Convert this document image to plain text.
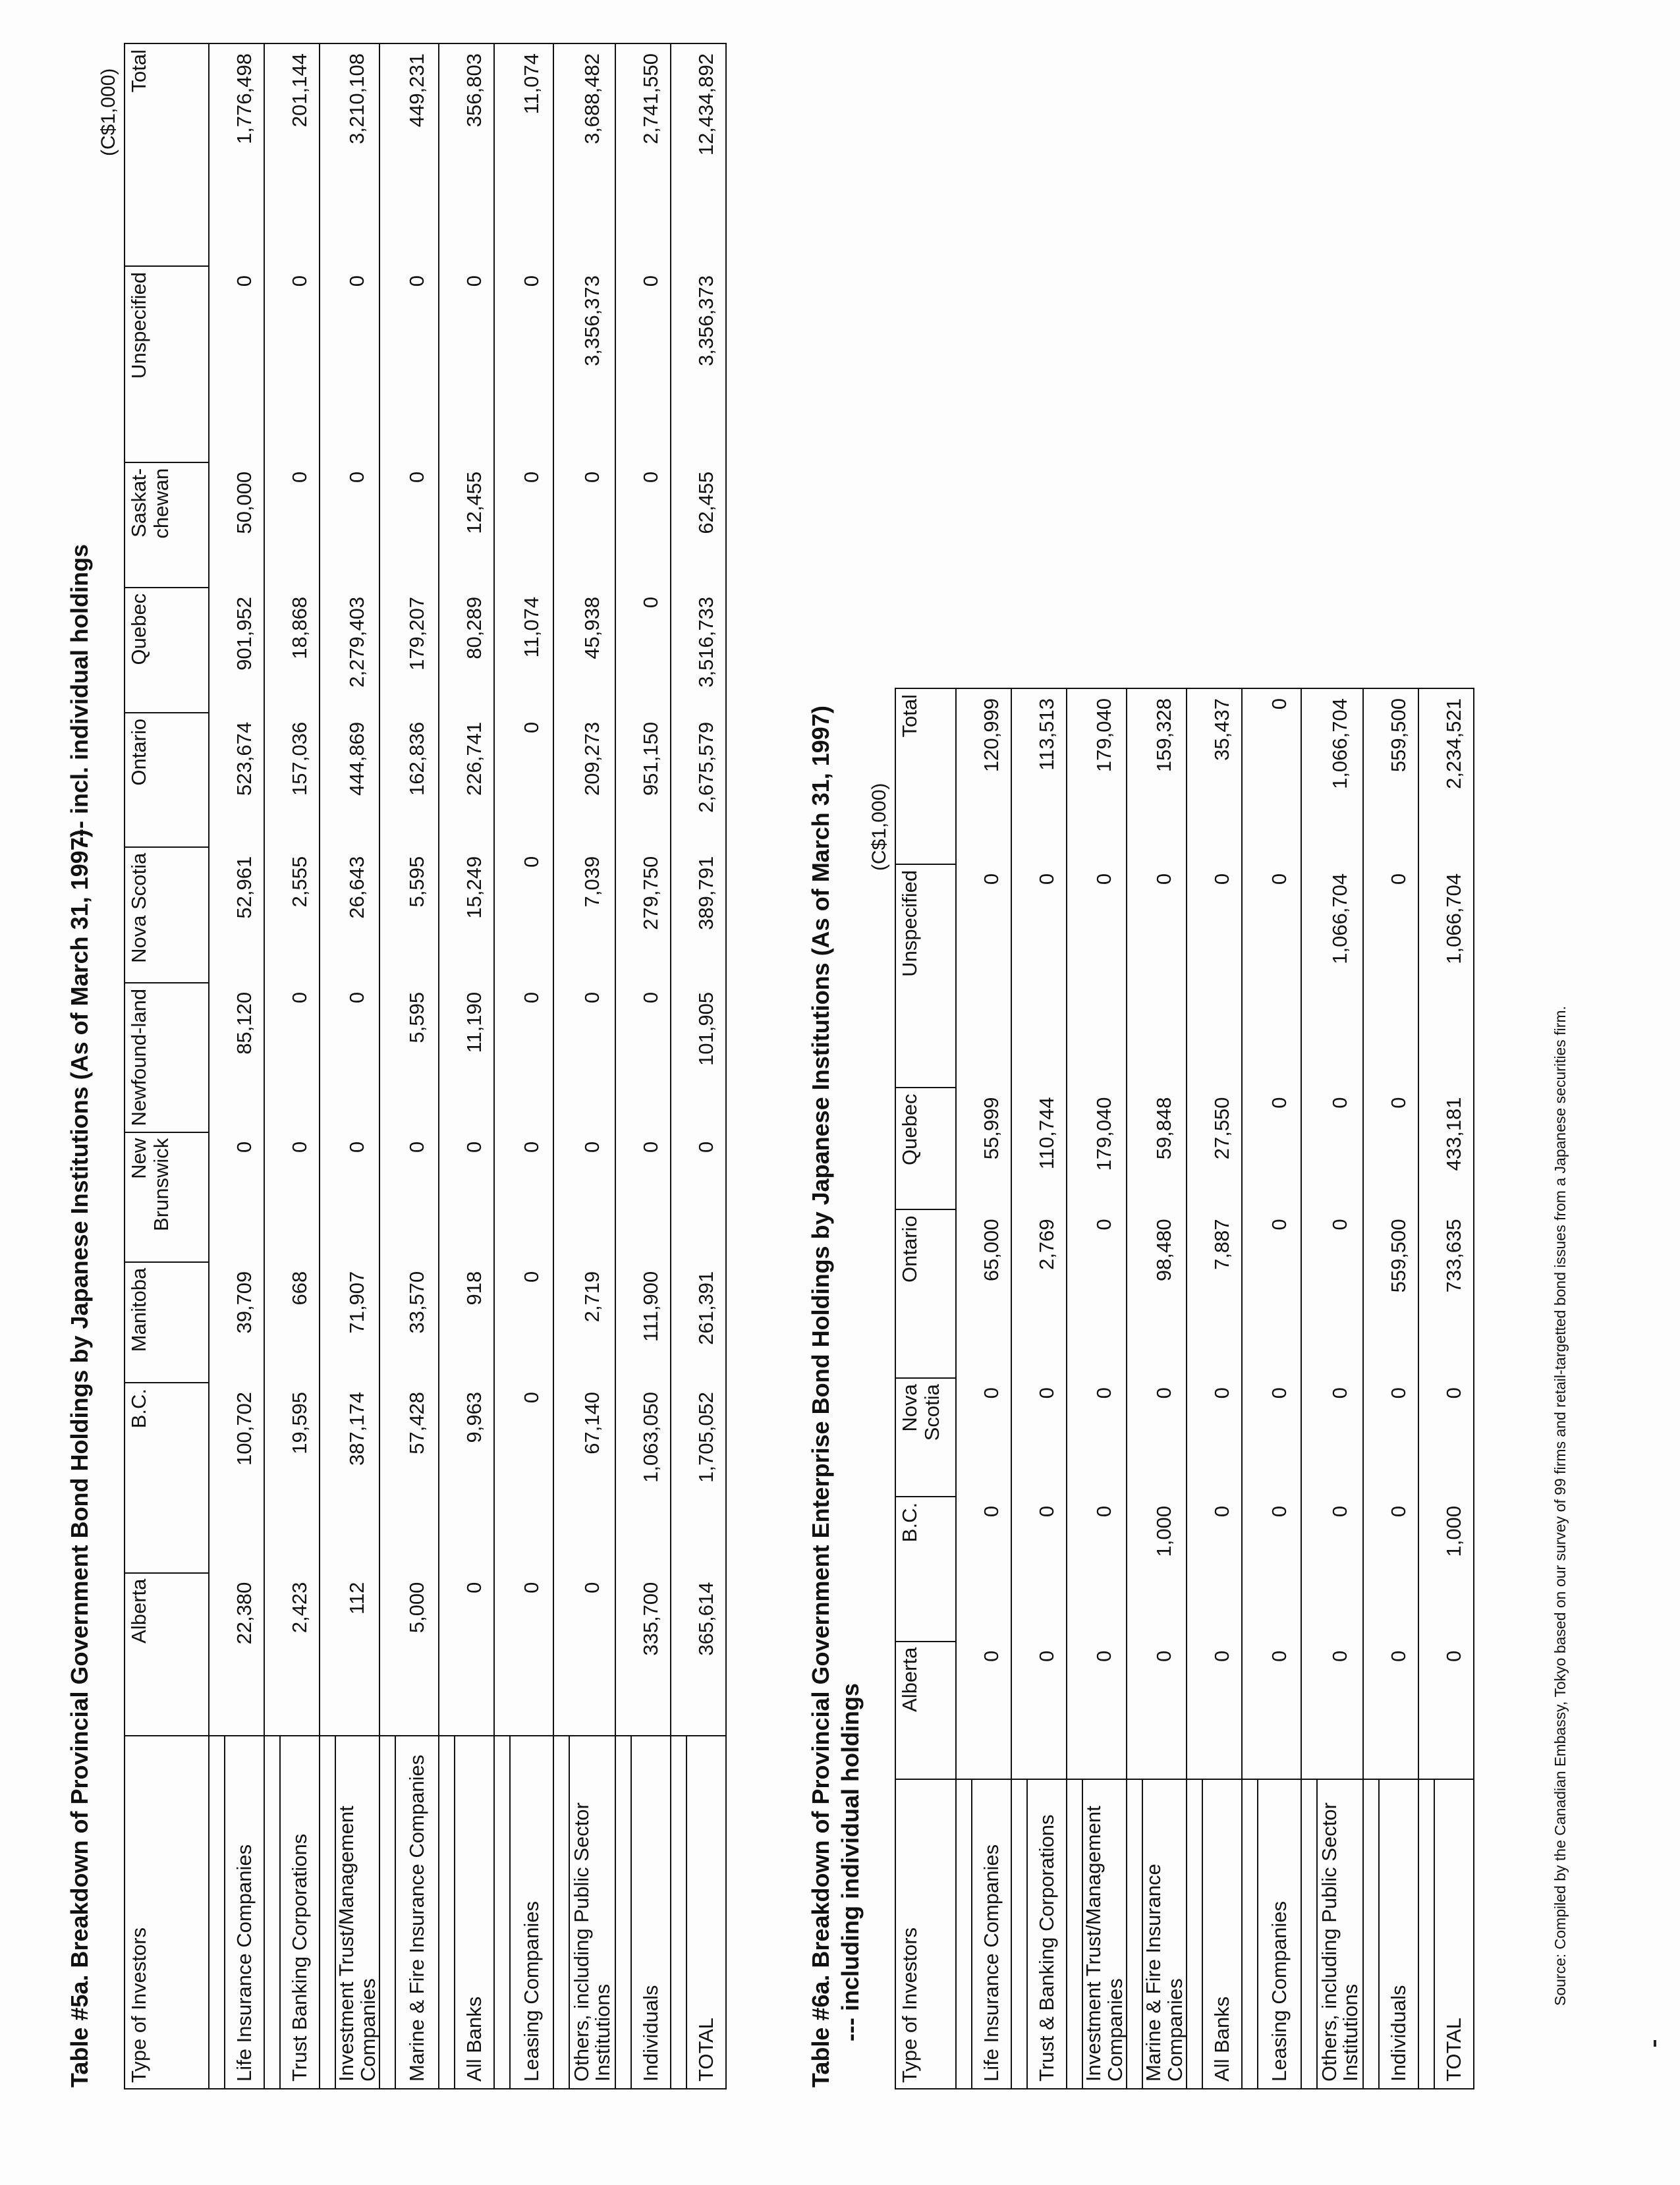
Table #5a. Breakdown of Provincial Government Bond Holdings by Japanese Institutions (As of March 31, 1997)
--- incl. individual holdings
(C$1,000)
Type of Investors	Alberta	B.C.	Manitoba	New Brunswick	Newfound-land	Nova Scotia	Ontario	Quebec	Saskat-chewan	Unspecified	Total

Life Insurance Companies	22,380	100,702	39,709	0	85,120	52,961	523,674	901,952	50,000	0	1,776,498

Trust Banking Corporations	2,423	19,595	668	0	0	2,555	157,036	18,868	0	0	201,144

Investment Trust/Management Companies	112	387,174	71,907	0	0	26,643	444,869	2,279,403	0	0	3,210,108

Marine & Fire Insurance Companies	5,000	57,428	33,570	0	5,595	5,595	162,836	179,207	0	0	449,231

All Banks	0	9,963	918	0	11,190	15,249	226,741	80,289	12,455	0	356,803

Leasing Companies	0	0	0	0	0	0	0	11,074	0	0	11,074

Others, including Public Sector Institutions	0	67,140	2,719	0	0	7,039	209,273	45,938	0	3,356,373	3,688,482

Individuals	335,700	1,063,050	111,900	0	0	279,750	951,150	0	0	0	2,741,550

TOTAL	365,614	1,705,052	261,391	0	101,905	389,791	2,675,579	3,516,733	62,455	3,356,373	12,434,892
Table #6a. Breakdown of Provincial Government Enterprise Bond Holdings by Japanese Institutions (As of March 31, 1997) --- including individual holdings
(C$1,000)
Type of Investors	Alberta	B.C.	Nova Scotia	Ontario	Quebec	Unspecified	Total

Life Insurance Companies	0	0	0	65,000	55,999	0	120,999

Trust & Banking Corporations	0	0	0	2,769	110,744	0	113,513

Investment Trust/Management Companies	0	0	0	0	179,040	0	179,040

Marine & Fire Insurance Companies	0	1,000	0	98,480	59,848	0	159,328

All Banks	0	0	0	7,887	27,550	0	35,437

Leasing Companies	0	0	0	0	0	0	0

Others, including Public Sector Institutions	0	0	0	0	0	1,066,704	1,066,704

Individuals	0	0	0	559,500	0	0	559,500

TOTAL	0	1,000	0	733,635	433,181	1,066,704	2,234,521
Source: Compiled by the Canadian Embassy, Tokyo based on our survey of 99 firms and retail-targetted bond issues from a Japanese securities firm.
